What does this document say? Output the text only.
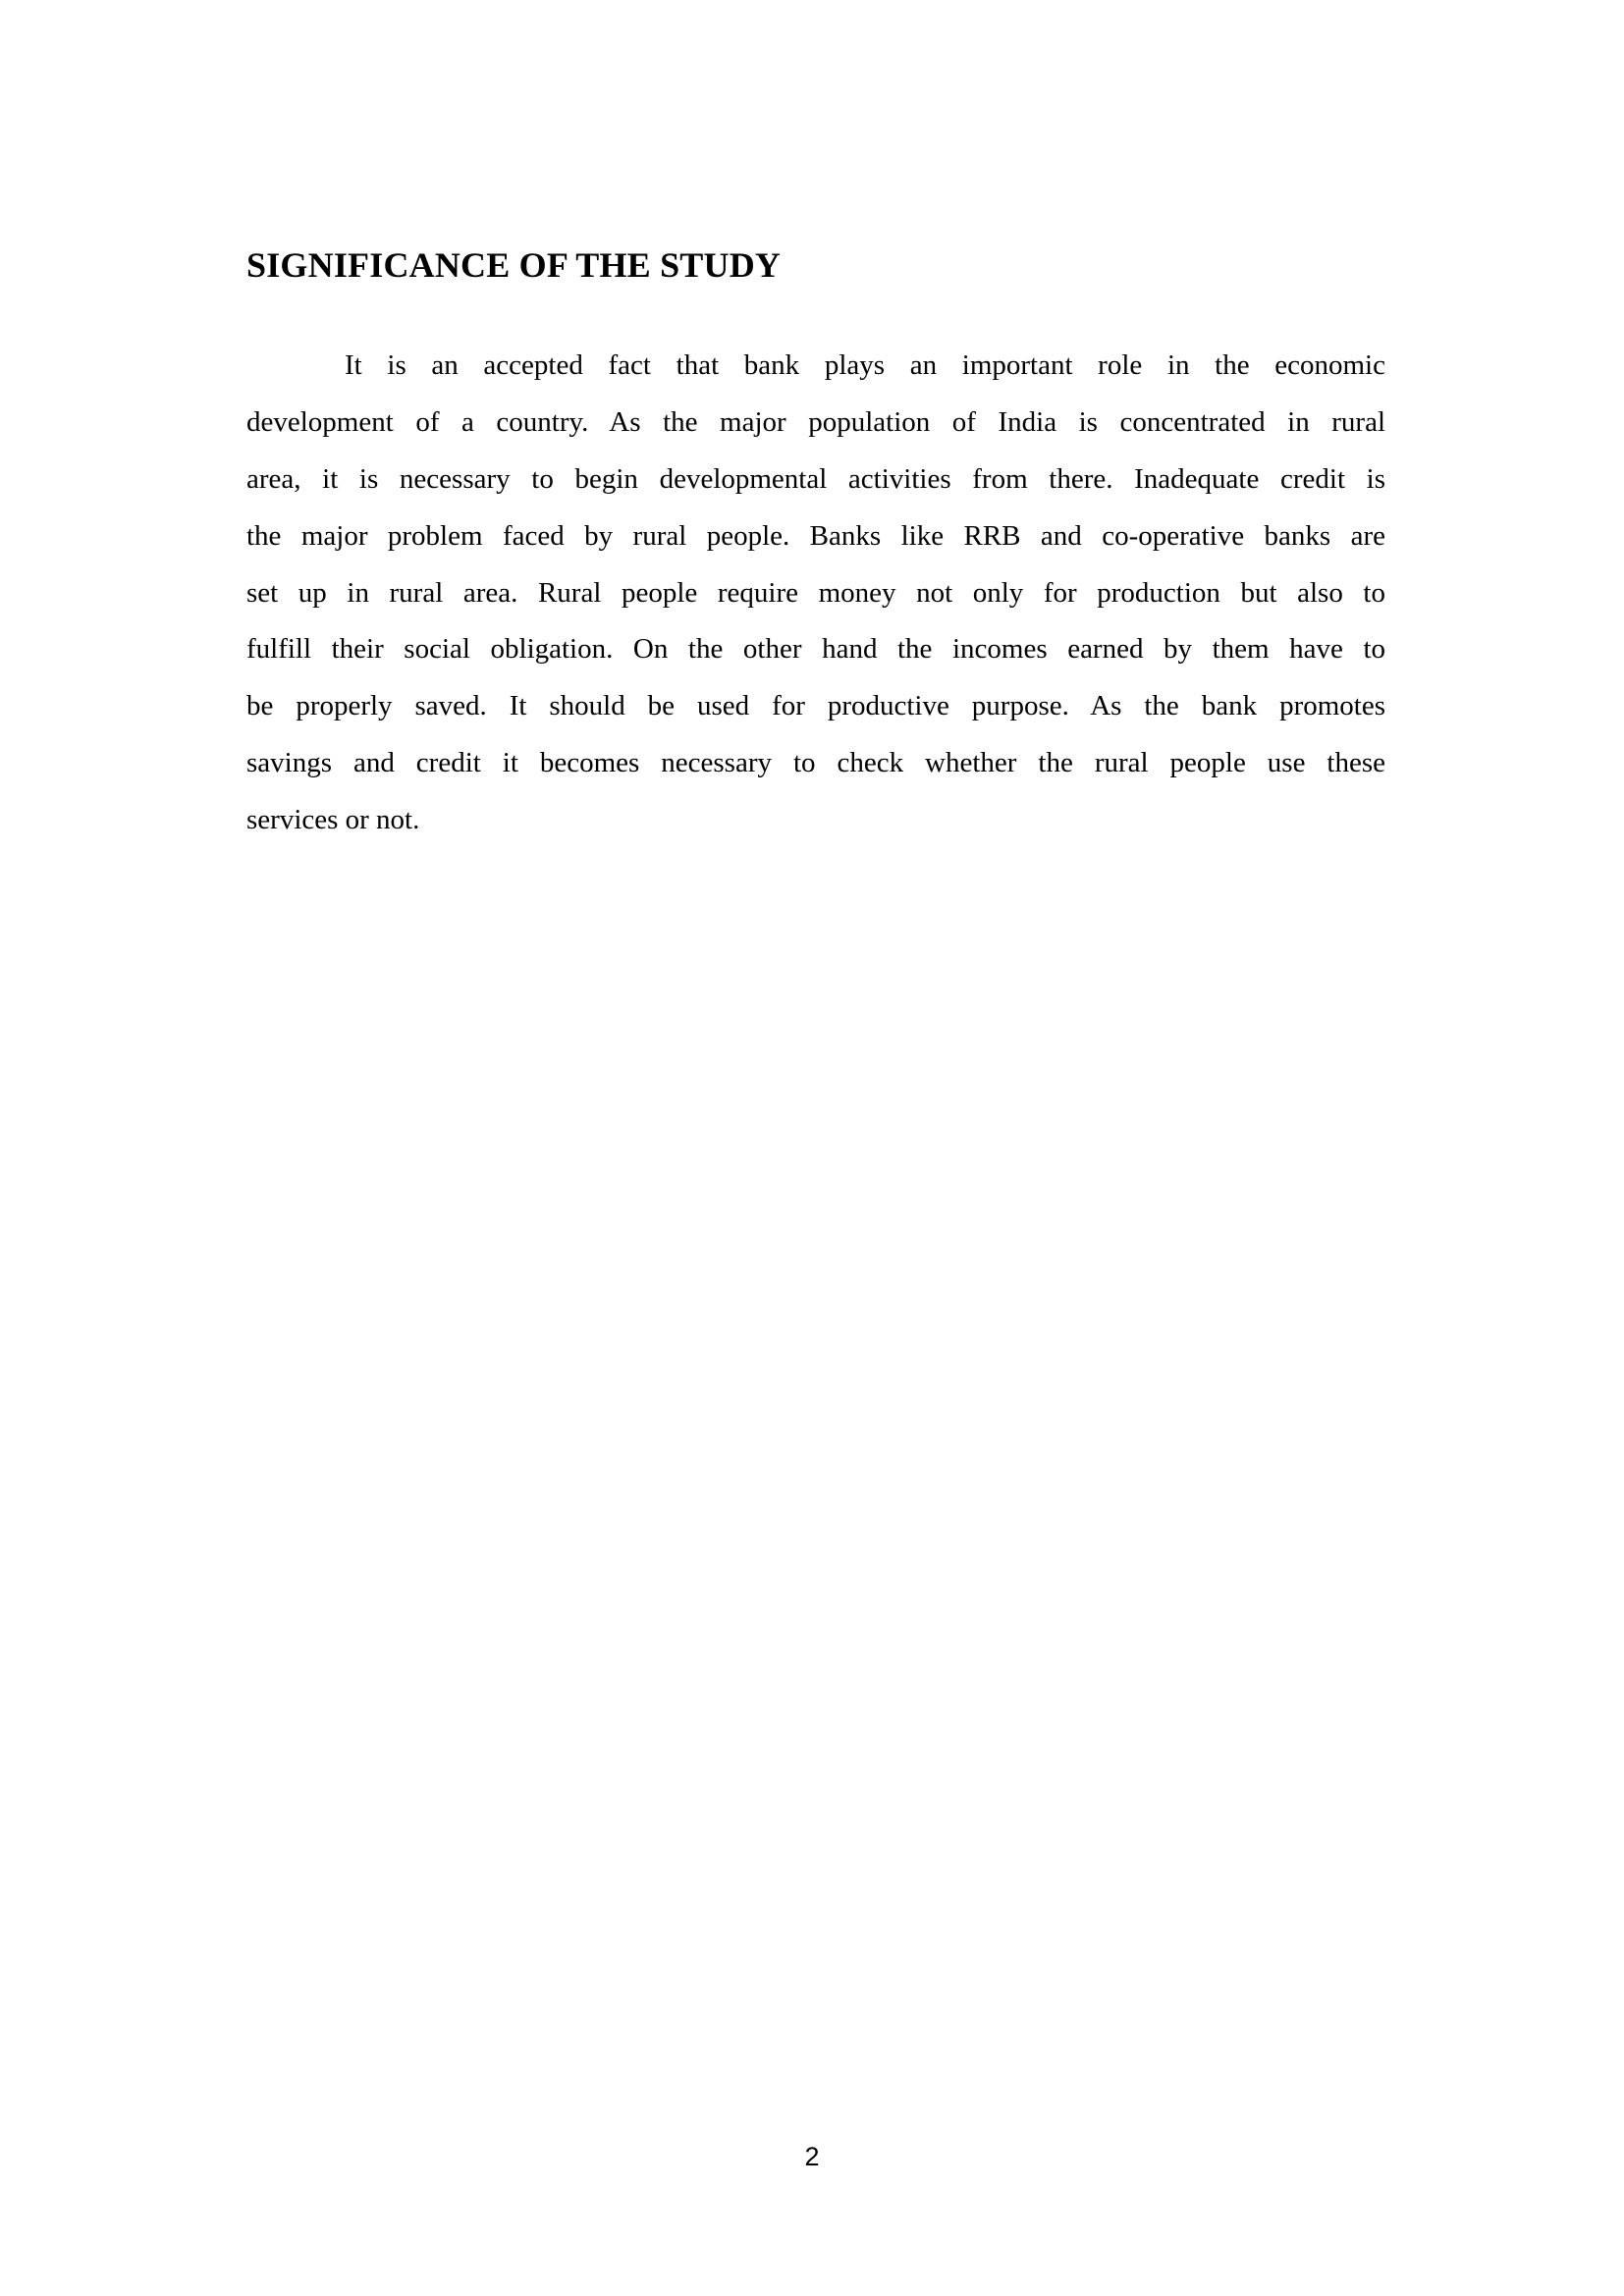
SIGNIFICANCE OF THE STUDY
It is an accepted fact that bank plays an important role in the economic
development of a country. As the major population of India is concentrated in rural
area, it is necessary to begin developmental activities from there. Inadequate credit is
the major problem faced by rural people. Banks like RRB and co-operative banks are
set up in rural area. Rural people require money not only for production but also to
fulfill their social obligation. On the other hand the incomes earned by them have to
be properly saved. It should be used for productive purpose. As the bank promotes
savings and credit it becomes necessary to check whether the rural people use these
services or not.
2
